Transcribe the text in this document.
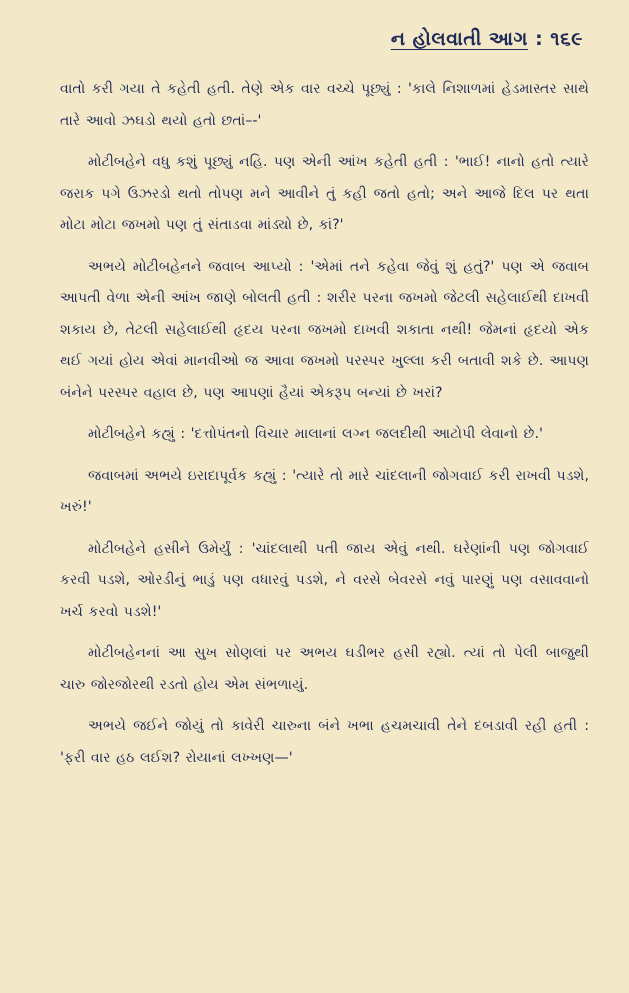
ન હોલવાતી આગ : ૧૬૯

વાતો કરી ગયા તે કહેતી હતી. તેણે એક વાર વચ્ચે પૂછ્યું : 'કાલે નિશાળમાં હેડમાસ્તર સાથે તારે આવો ઝઘડો થયો હતો છતાં–-'

મોટીબહેને વધુ કશું પૂછ્યું નહિ. પણ એની આંખ કહેતી હતી : 'ભાઈ! નાનો હતો ત્યારે જરાક પગે ઉઝરડો થતો તોપણ મને આવીને તું કહી જતો હતો; અને આજે દિલ પર થતા મોટા મોટા જખમો પણ તું સંતાડવા માંડ્યો છે, કાં?'

અભયે મોટીબહેનને જવાબ આપ્યો : 'એમાં તને કહેવા જેવું શું હતું?' પણ એ જવાબ આપતી વેળા એની આંખ જાણે બોલતી હતી : શરીર પરના જખમો જેટલી સહેલાઈથી દાખવી શકાય છે, તેટલી સહેલાઈથી હૃદય પરના જખમો દાખવી શકાતા નથી! જેમનાં હૃદયો એક થઈ ગયાં હોય એવાં માનવીઓ જ આવા જખમો પરસ્પર ખુલ્લા કરી બતાવી શકે છે. આપણ બંનેને પરસ્પર વહાલ છે, પણ આપણાં હૈયાં એકરૂપ બન્યાં છે ખરાં?

મોટીબહેને કહ્યું : 'દત્તોપંતનો વિચાર માલાનાં લગ્ન જલદીથી આટોપી લેવાનો છે.'

જવાબમાં અભયે ઇરાદાપૂર્વક કહ્યું : 'ત્યારે તો મારે ચાંદલાની જોગવાઈ કરી રાખવી પડશે, ખરું!'

મોટીબહેને હસીને ઉમેર્યું : 'ચાંદલાથી પતી જાય એવું નથી. ઘરેણાંની પણ જોગવાઈ કરવી પડશે, ઓરડીનું ભાડું પણ વધારવું પડશે, ને વરસે બેવરસે નવું પારણું પણ વસાવવાનો ખર્ચ કરવો પડશે!'

મોટીબહેનનાં આ સુખ સોણલાં પર અભય ઘડીભર હસી રહ્યો. ત્યાં તો પેલી બાજુથી ચારુ જોરજોરથી રડતો હોય એમ સંભળાયું.

અભયે જઈને જોયું તો કાવેરી ચારુના બંને ખભા હચમચાવી તેને દબડાવી રહી હતી : 'ફરી વાર હઠ લઈશ? રોયાનાં લખ્ખણ—'
